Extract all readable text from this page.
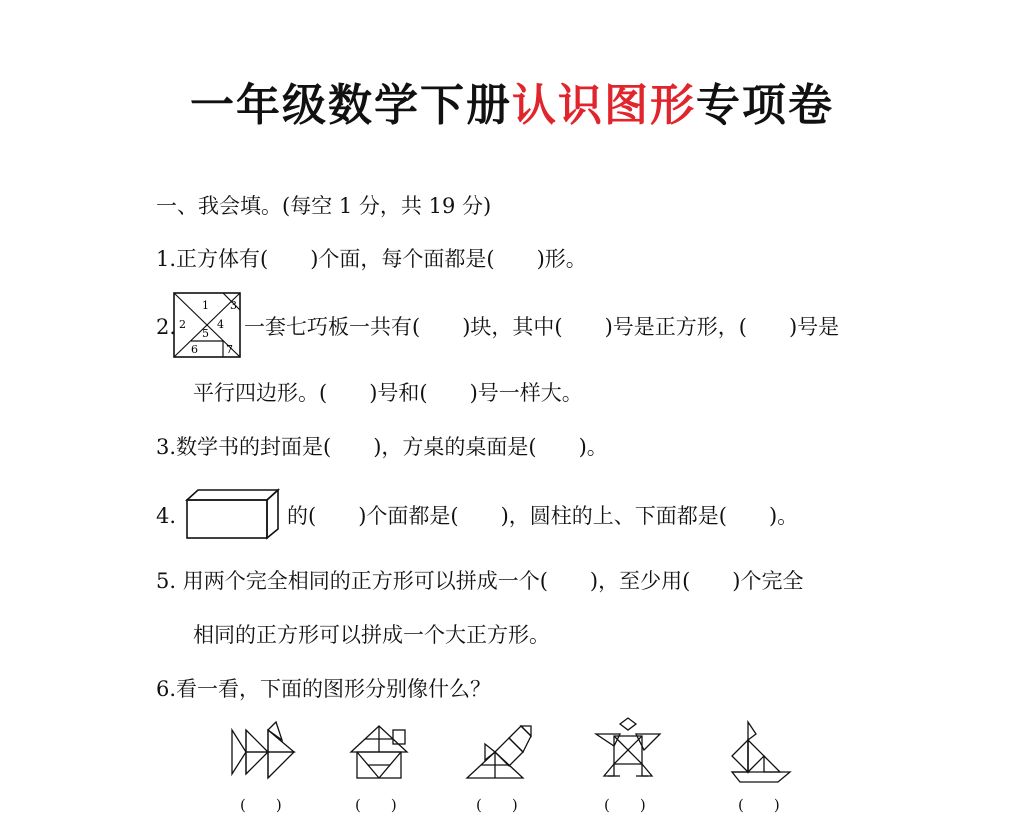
一年级数学下册认识图形专项卷
一、我会填。(每空 1 分，共 19 分)
1.正方体有(　　)个面，每个面都是(　　)形。
2.
1
2
3
4
5
6	7
一套七巧板一共有(　　)块，其中(　　)号是正方形，(　　)号是
平行四边形。(　　)号和(　　)号一样大。
3.数学书的封面是(　　)，方桌的桌面是(　　)。
4.	的(　　)个面都是(　　)，圆柱的上、下面都是(　　)。
5. 用两个完全相同的正方形可以拼成一个(　　)，至少用(　　)个完全
相同的正方形可以拼成一个大正方形。
6.看一看，下面的图形分别像什么？
(　　)	(　　)	(　　)	(　　)	(　　)
